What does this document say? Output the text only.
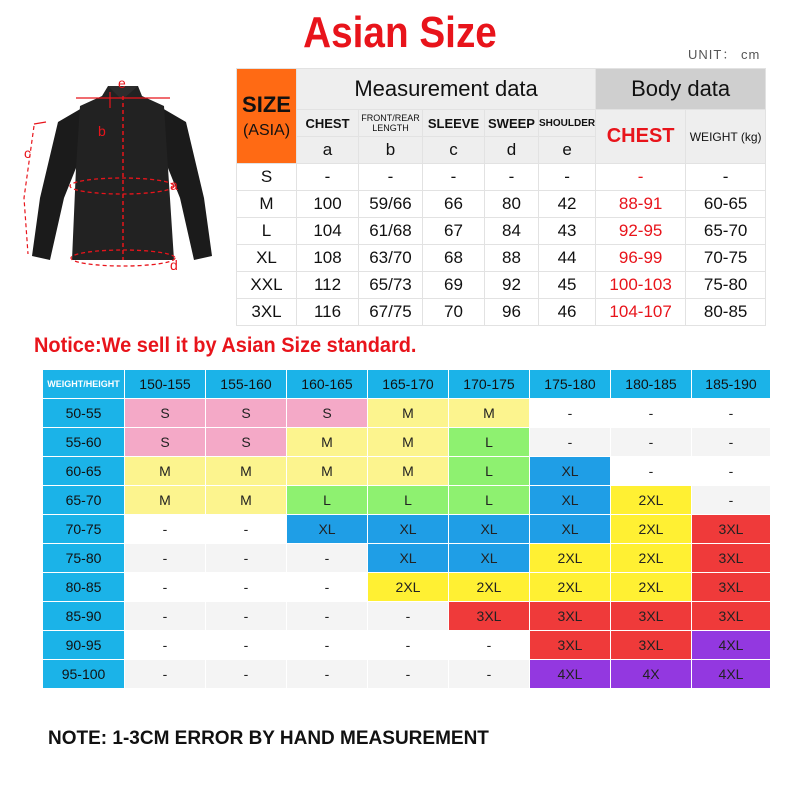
Asian Size	UNIT： cm
e
b
c
a
d
SIZE
(ASIA)	Measurement data					Body data	
	CHEST	FRONT/REAR LENGTH	SLEEVE	SWEEP	SHOULDER	CHEST	WEIGHT (kg)
	a	b	c	d	e		
S	-	-	-	-	-	-	-
M	100	59/66	66	80	42	88-91	60-65
L	104	61/68	67	84	43	92-95	65-70
XL	108	63/70	68	88	44	96-99	70-75
XXL	112	65/73	69	92	45	100-103	75-80
3XL	116	67/75	70	96	46	104-107	80-85
Notice:We sell it by Asian Size standard.
WEIGHT/HEIGHT	150-155	155-160	160-165	165-170	170-175	175-180	180-185	185-190
50-55	S	S	S	M	M	-	-	-
55-60	S	S	M	M	L	-	-	-
60-65	M	M	M	M	L	XL	-	-
65-70	M	M	L	L	L	XL	2XL	-
70-75	-	-	XL	XL	XL	XL	2XL	3XL
75-80	-	-	-	XL	XL	2XL	2XL	3XL
80-85	-	-	-	2XL	2XL	2XL	2XL	3XL
85-90	-	-	-	-	3XL	3XL	3XL	3XL
90-95	-	-	-	-	-	3XL	3XL	4XL
95-100	-	-	-	-	-	4XL	4X	4XL
NOTE: 1-3CM ERROR BY HAND MEASUREMENT
